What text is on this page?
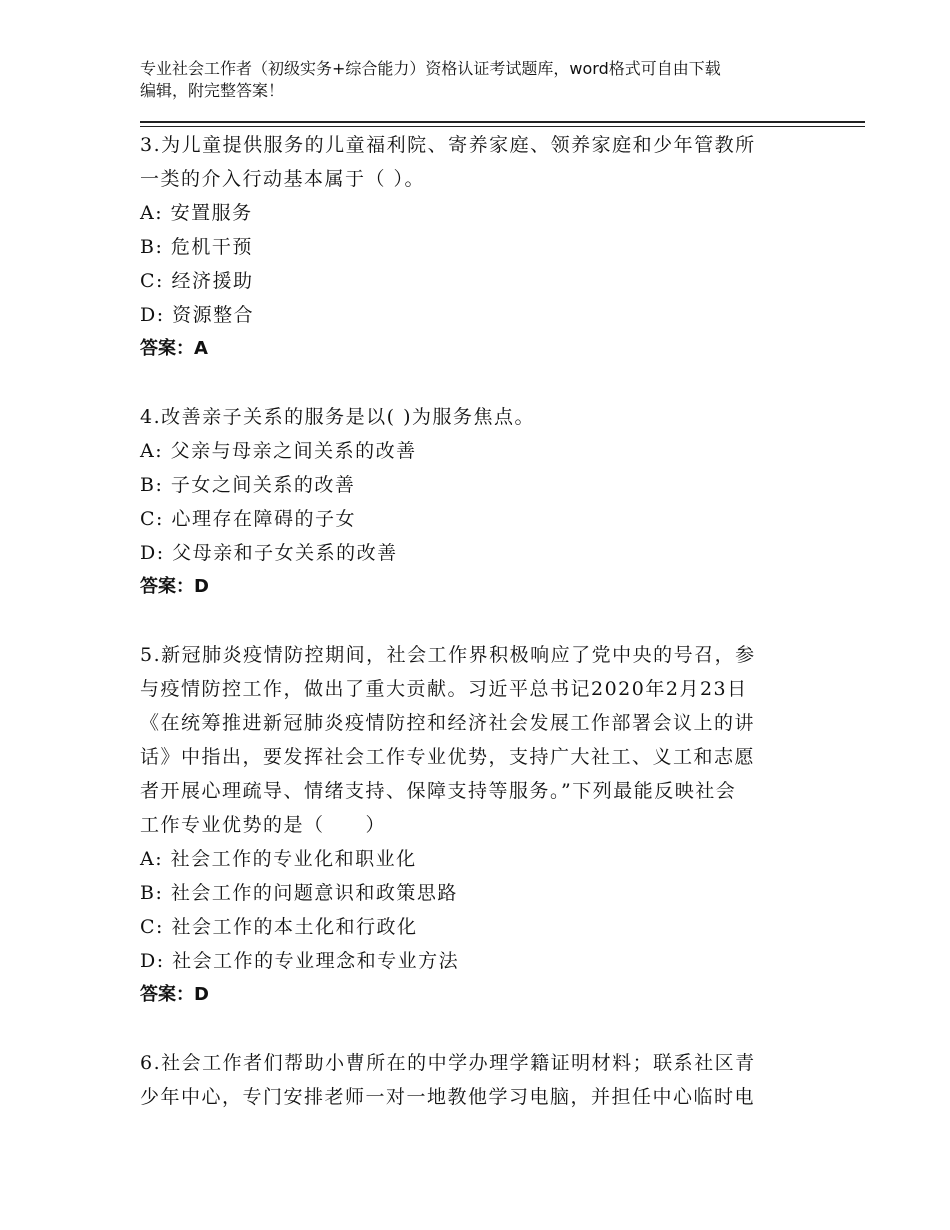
专业社会工作者（初级实务+综合能力）资格认证考试题库，word格式可自由下载
编辑，附完整答案！

3.为儿童提供服务的儿童福利院、寄养家庭、领养家庭和少年管教所

一类的介入行动基本属于（ ）。

A: 安置服务

B: 危机干预

C: 经济援助

D: 资源整合

答案：A

4.改善亲子关系的服务是以( )为服务焦点。

A: 父亲与母亲之间关系的改善

B: 子女之间关系的改善

C: 心理存在障碍的子女

D: 父母亲和子女关系的改善

答案：D

5.新冠肺炎疫情防控期间，社会工作界积极响应了党中央的号召，参

与疫情防控工作，做出了重大贡献。习近平总书记2020年2月23日

《在统筹推进新冠肺炎疫情防控和经济社会发展工作部署会议上的讲

话》中指出，要发挥社会工作专业优势，支持广大社工、义工和志愿

者开展心理疏导、情绪支持、保障支持等服务。”下列最能反映社会

工作专业优势的是（　　）

A: 社会工作的专业化和职业化

B: 社会工作的问题意识和政策思路

C: 社会工作的本土化和行政化

D: 社会工作的专业理念和专业方法

答案：D

6.社会工作者们帮助小曹所在的中学办理学籍证明材料；联系社区青

少年中心，专门安排老师一对一地教他学习电脑，并担任中心临时电
